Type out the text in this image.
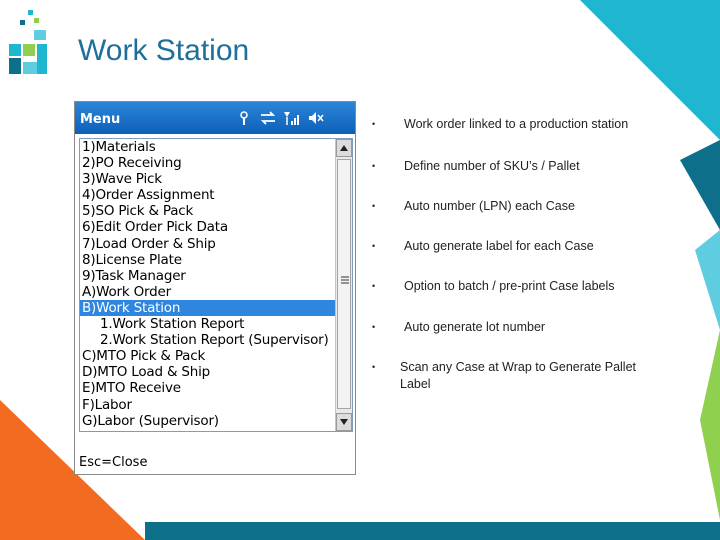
Work Station
Menu
1)Materials
2)PO Receiving
3)Wave Pick
4)Order Assignment
5)SO Pick & Pack
6)Edit Order Pick Data
7)Load Order & Ship
8)License Plate
9)Task Manager
A)Work Order
B)Work Station
1.Work Station Report
2.Work Station Report (Supervisor)
C)MTO Pick & Pack
D)MTO Load & Ship
E)MTO Receive
F)Labor
G)Labor (Supervisor)
Esc=Close
• Work order linked to a production station
• Define number of SKU’s / Pallet
• Auto number (LPN) each Case
• Auto generate label for each Case
• Option to batch / pre-print Case labels
• Auto generate lot number
• Scan any Case at Wrap to Generate Pallet Label
